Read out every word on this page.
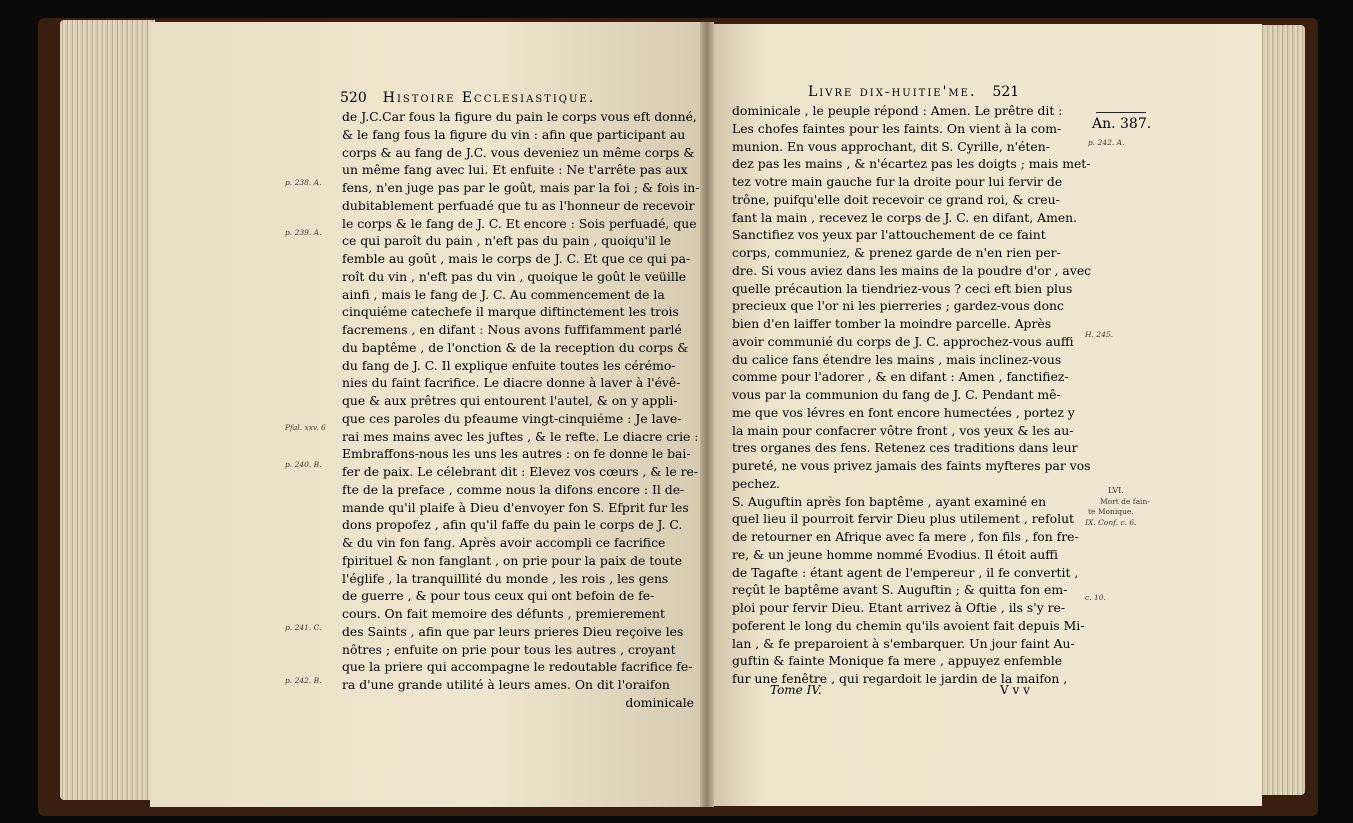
520 Histoire Ecclesiastique.
de J.C.Car fous la figure du pain le corps vous eft donné,
& le fang fous la figure du vin : afin que participant au
corps & au fang de J.C. vous deveniez un même corps &
un même fang avec lui. Et enfuite : Ne t'arrête pas aux
fens, n'en juge pas par le goût, mais par la foi ; & fois in-
dubitablement perfuadé que tu as l'honneur de recevoir
le corps & le fang de J. C. Et encore : Sois perfuadé, que
ce qui paroît du pain , n'eft pas du pain , quoiqu'il le
femble au goût , mais le corps de J. C. Et que ce qui pa-
roît du vin , n'eft pas du vin , quoique le goût le veüille
ainfi , mais le fang de J. C. Au commencement de la
cinquiéme catechefe il marque diftinctement les trois
facremens , en difant : Nous avons fuffifamment parlé
du baptême , de l'onction & de la reception du corps &
du fang de J. C. Il explique enfuite toutes les cérémo-
nies du faint facrifice. Le diacre donne à laver à l'évê-
que & aux prêtres qui entourent l'autel, & on y appli-
que ces paroles du pfeaume vingt-cinquiéme : Je lave-
rai mes mains avec les juftes , & le refte. Le diacre crie :
Embraffons-nous les uns les autres : on fe donne le bai-
fer de paix. Le célebrant dit : Elevez vos cœurs , & le re-
fte de la preface , comme nous la difons encore : Il de-
mande qu'il plaife à Dieu d'envoyer fon S. Efprit fur les
dons propofez , afin qu'il faffe du pain le corps de J. C.
& du vin fon fang. Après avoir accompli ce facrifice
fpirituel & non fanglant , on prie pour la paix de toute
l'églife , la tranquillité du monde , les rois , les gens
de guerre , & pour tous ceux qui ont befoin de fe-
cours. On fait memoire des défunts , premierement
des Saints , afin que par leurs prieres Dieu reçoive les
nôtres ; enfuite on prie pour tous les autres , croyant
que la priere qui accompagne le redoutable facrifice fe-
ra d'une grande utilité à leurs ames. On dit l'oraifon
dominicale
p. 238. A.
p. 239. A.
Pfal. xxv. 6
p. 240. B.
p. 241. C.
p. 242. B.
Livre dix-huitie'me. 521
An. 387.
p. 242. A.
dominicale , le peuple répond : Amen. Le prêtre dit :
Les chofes faintes pour les faints. On vient à la com-
munion. En vous approchant, dit S. Cyrille, n'éten-
dez pas les mains , & n'écartez pas les doigts ; mais met-
tez votre main gauche fur la droite pour lui fervir de
trône, puifqu'elle doit recevoir ce grand roi, & creu-
fant la main , recevez le corps de J. C. en difant, Amen.
Sanctifiez vos yeux par l'attouchement de ce faint
corps, communiez, & prenez garde de n'en rien per-
dre. Si vous aviez dans les mains de la poudre d'or , avec
quelle précaution la tiendriez-vous ? ceci eft bien plus
precieux que l'or ni les pierreries ; gardez-vous donc
bien d'en laiffer tomber la moindre parcelle. Après
avoir communié du corps de J. C. approchez-vous auffi
du calice fans étendre les mains , mais inclinez-vous
comme pour l'adorer , & en difant : Amen , fanctifiez-
vous par la communion du fang de J. C. Pendant mê-
me que vos lévres en font encore humectées , portez y
la main pour confacrer vôtre front , vos yeux & les au-
tres organes des fens. Retenez ces traditions dans leur
pureté, ne vous privez jamais des faints myfteres par vos
pechez.
S. Auguftin après fon baptême , ayant examiné en
quel lieu il pourroit fervir Dieu plus utilement , refolut
de retourner en Afrique avec fa mere , fon fils , fon fre-
re, & un jeune homme nommé Evodius. Il étoit auffi
de Tagafte : étant agent de l'empereur , il fe convertit ,
reçût le baptême avant S. Auguftin ; & quitta fon em-
ploi pour fervir Dieu. Etant arrivez à Oftie , ils s'y re-
poferent le long du chemin qu'ils avoient fait depuis Mi-
lan , & fe preparoient à s'embarquer. Un jour faint Au-
guftin & fainte Monique fa mere , appuyez enfemble
fur une fenêtre , qui regardoit le jardin de la maifon ,
H. 245.
LVI.
Mort de fain-
te Monique.
IX. Conf. c. 6.
c. 10.
Tome IV.	V v v
